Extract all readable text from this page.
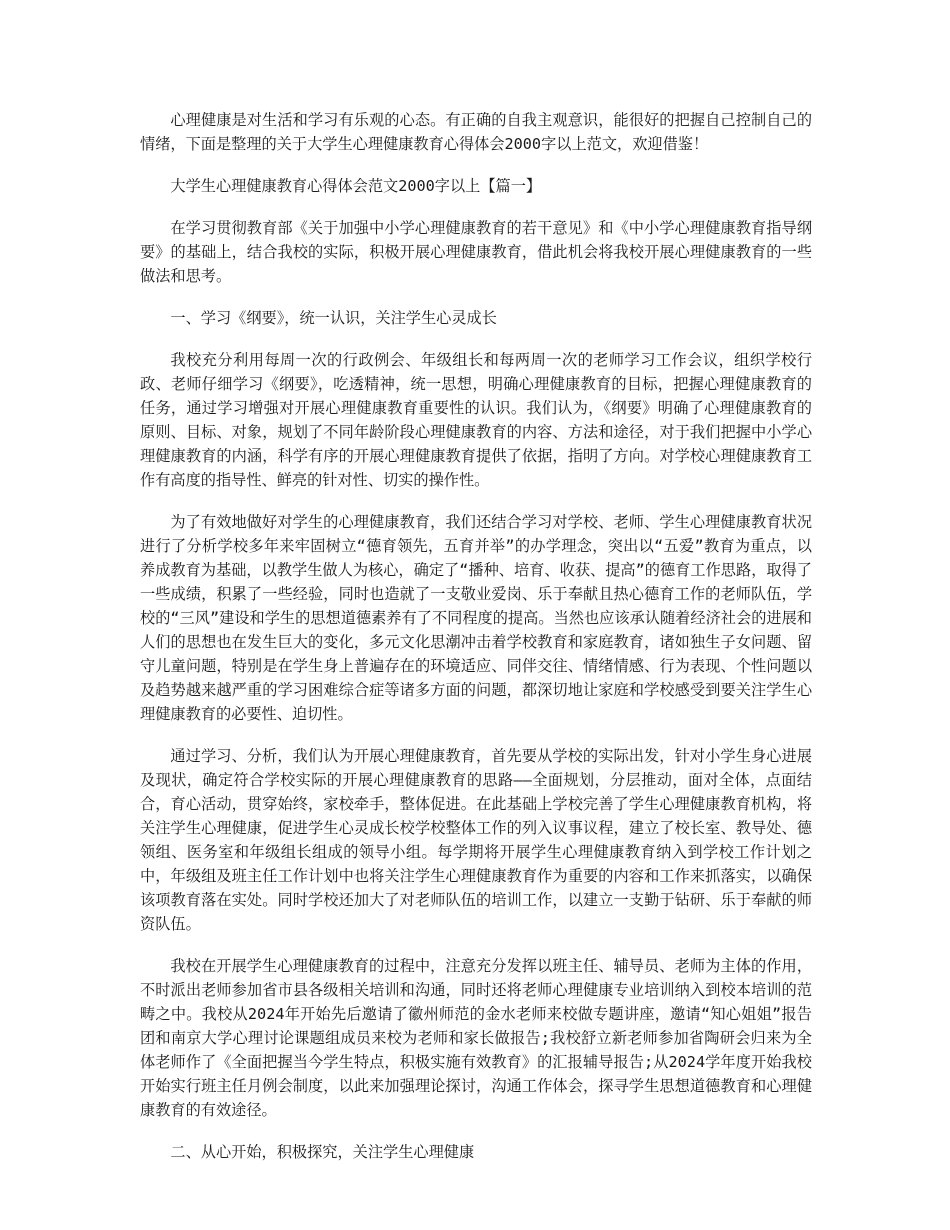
心理健康是对生活和学习有乐观的心态。有正确的自我主观意识，能很好的把握自己控制自己的情绪，下面是整理的关于大学生心理健康教育心得体会2000字以上范文，欢迎借鉴！

大学生心理健康教育心得体会范文2000字以上【篇一】

在学习贯彻教育部《关于加强中小学心理健康教育的若干意见》和《中小学心理健康教育指导纲要》的基础上，结合我校的实际，积极开展心理健康教育，借此机会将我校开展心理健康教育的一些做法和思考。

一、学习《纲要》，统一认识，关注学生心灵成长

我校充分利用每周一次的行政例会、年级组长和每两周一次的老师学习工作会议，组织学校行政、老师仔细学习《纲要》，吃透精神，统一思想，明确心理健康教育的目标，把握心理健康教育的任务，通过学习增强对开展心理健康教育重要性的认识。我们认为，《纲要》明确了心理健康教育的原则、目标、对象，规划了不同年龄阶段心理健康教育的内容、方法和途径，对于我们把握中小学心理健康教育的内涵，科学有序的开展心理健康教育提供了依据，指明了方向。对学校心理健康教育工作有高度的指导性、鲜亮的针对性、切实的操作性。

为了有效地做好对学生的心理健康教育，我们还结合学习对学校、老师、学生心理健康教育状况进行了分析学校多年来牢固树立“德育领先，五育并举”的办学理念，突出以“五爱”教育为重点，以养成教育为基础，以教学生做人为核心，确定了“播种、培育、收获、提高”的德育工作思路，取得了一些成绩，积累了一些经验，同时也造就了一支敬业爱岗、乐于奉献且热心德育工作的老师队伍，学校的“三风”建设和学生的思想道德素养有了不同程度的提高。当然也应该承认随着经济社会的进展和人们的思想也在发生巨大的变化，多元文化思潮冲击着学校教育和家庭教育，诸如独生子女问题、留守儿童问题，特别是在学生身上普遍存在的环境适应、同伴交往、情绪情感、行为表现、个性问题以及趋势越来越严重的学习困难综合症等诸多方面的问题，都深切地让家庭和学校感受到要关注学生心理健康教育的必要性、迫切性。

通过学习、分析，我们认为开展心理健康教育，首先要从学校的实际出发，针对小学生身心进展及现状，确定符合学校实际的开展心理健康教育的思路——全面规划，分层推动，面对全体，点面结合，育心活动，贯穿始终，家校牵手，整体促进。在此基础上学校完善了学生心理健康教育机构，将关注学生心理健康，促进学生心灵成长校学校整体工作的列入议事议程，建立了校长室、教导处、德领组、医务室和年级组长组成的领导小组。每学期将开展学生心理健康教育纳入到学校工作计划之中，年级组及班主任工作计划中也将关注学生心理健康教育作为重要的内容和工作来抓落实，以确保该项教育落在实处。同时学校还加大了对老师队伍的培训工作，以建立一支勤于钻研、乐于奉献的师资队伍。

我校在开展学生心理健康教育的过程中，注意充分发挥以班主任、辅导员、老师为主体的作用，不时派出老师参加省市县各级相关培训和沟通，同时还将老师心理健康专业培训纳入到校本培训的范畴之中。我校从2024年开始先后邀请了徽州师范的金水老师来校做专题讲座，邀请“知心姐姐”报告团和南京大学心理讨论课题组成员来校为老师和家长做报告;我校舒立新老师参加省陶研会归来为全体老师作了《全面把握当今学生特点，积极实施有效教育》的汇报辅导报告;从2024学年度开始我校开始实行班主任月例会制度，以此来加强理论探讨，沟通工作体会，探寻学生思想道德教育和心理健康教育的有效途径。

二、从心开始，积极探究，关注学生心理健康
